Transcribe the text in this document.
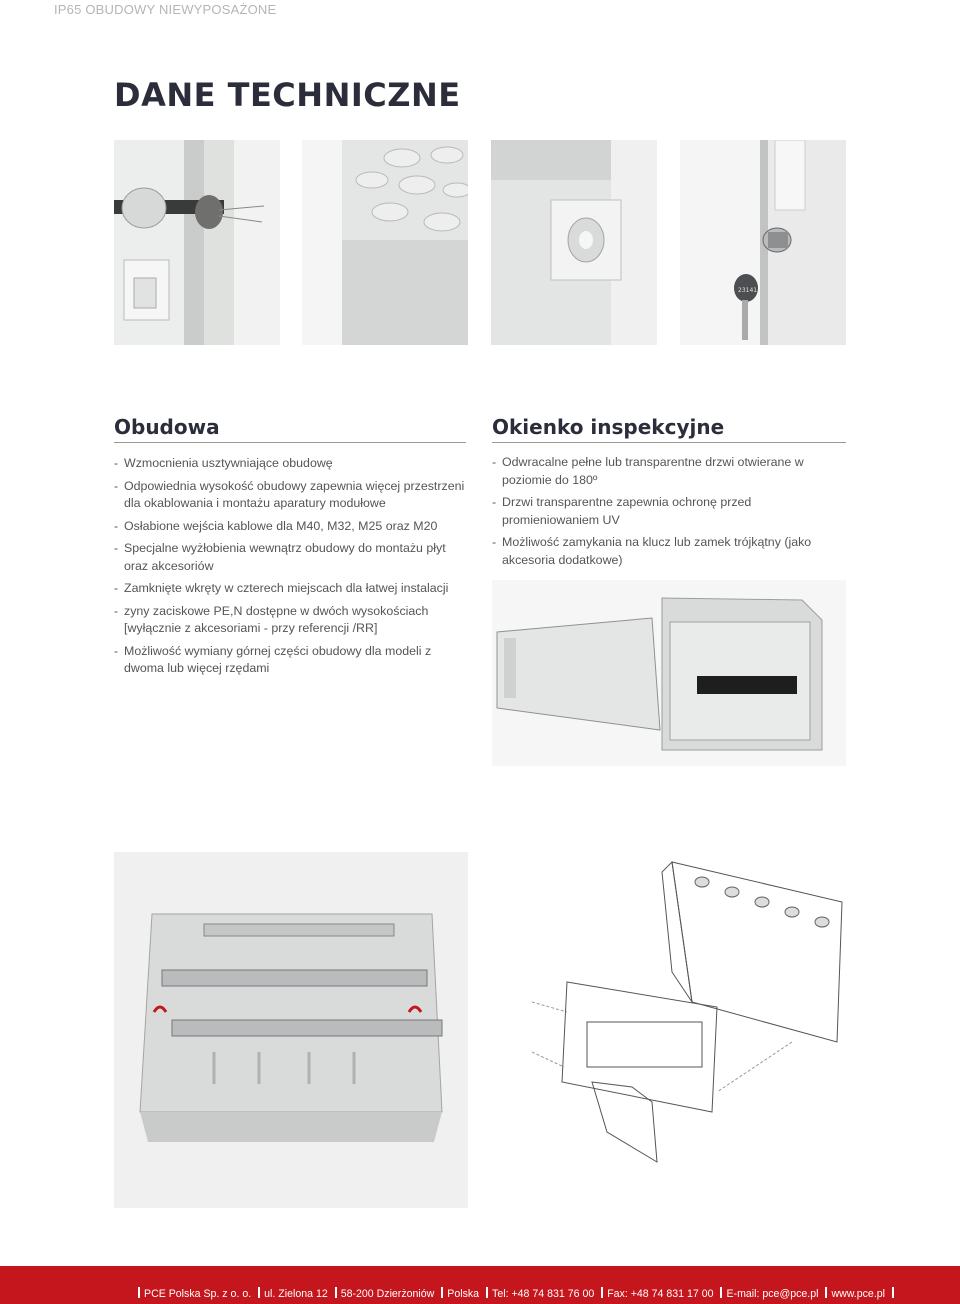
IP65 OBUDOWY NIEWYPOSAŻONE
DANE TECHNICZNE
23141
Obudowa
- Wzmocnienia usztywniające obudowę
- Odpowiednia wysokość obudowy zapewnia więcej przestrzeni dla okablowania i montażu aparatury modułowe
- Osłabione wejścia kablowe dla M40, M32, M25 oraz M20
- Specjalne wyżłobienia wewnątrz obudowy do montażu płyt oraz akcesoriów
- Zamknięte wkręty w czterech miejscach dla łatwej instalacji
- zyny zaciskowe PE,N dostępne w dwóch wysokościach [wyłącznie z akcesoriami - przy referencji /RR]
- Możliwość wymiany górnej części obudowy dla modeli z dwoma lub więcej rzędami
Okienko inspekcyjne
- Odwracalne pełne lub transparentne drzwi otwierane w poziomie do 180º
- Drzwi transparentne zapewnia ochronę przed promieniowaniem UV
- Możliwość zamykania na klucz lub zamek trójkątny (jako akcesoria dodatkowe)
PCE Polska Sp. z o. o. ul. Zielona 12 58-200 Dzierżoniów Polska Tel: +48 74 831 76 00 Fax: +48 74 831 17 00 E-mail: pce@pce.pl www.pce.pl
